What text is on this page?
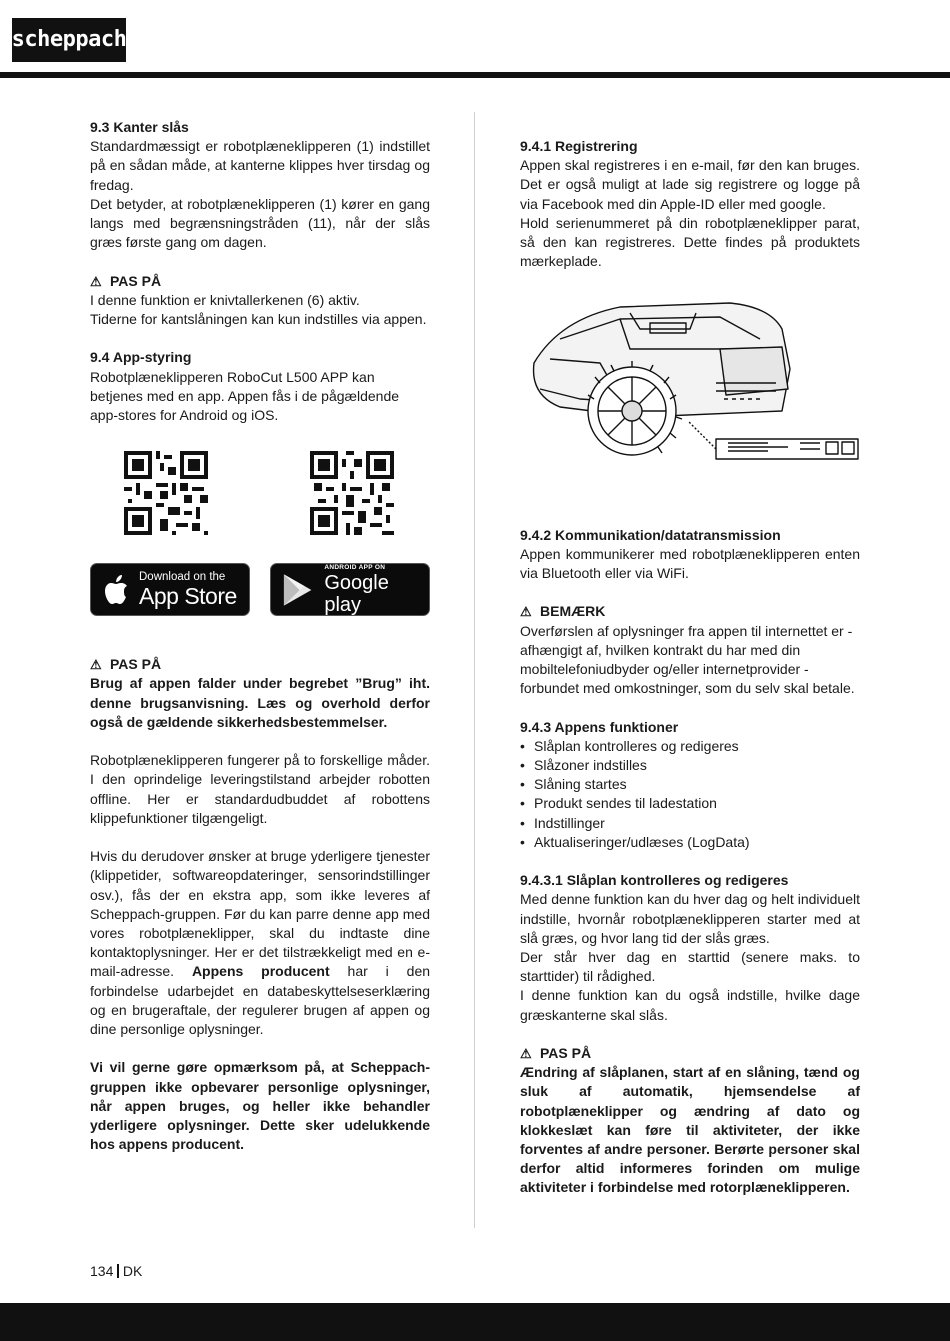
scheppach
9.3 Kanter slås

Standardmæssigt er robotplæneklipperen (1) indstillet på en sådan måde, at kanterne klippes hver tirsdag og fredag.

Det betyder, at robotplæneklipperen (1) kører en gang langs med begrænsningstråden (11), når der slås græs første gang om dagen.

⚠ PAS PÅ

I denne funktion er knivtallerkenen (6) aktiv.

Tiderne for kantslåningen kan kun indstilles via appen.

9.4 App-styring

Robotplæneklipperen RoboCut L500 APP kan betjenes med en app. Appen fås i de pågældende app-stores for Android og iOS.

Download on the
App Store
ANDROID APP ON
Google play
⚠ PAS PÅ

Brug af appen falder under begrebet ”Brug” iht. denne brugsanvisning. Læs og overhold derfor også de gældende sikkerhedsbestemmelser.

Robotplæneklipperen fungerer på to forskellige måder. I den oprindelige leveringstilstand arbejder robotten offline. Her er standardudbuddet af robottens klippefunktioner tilgængeligt.

Hvis du derudover ønsker at bruge yderligere tjenester (klippetider, softwareopdateringer, sensorindstillinger osv.), fås der en ekstra app, som ikke leveres af Scheppach-gruppen. Før du kan parre denne app med vores robotplæneklipper, skal du indtaste dine kontaktoplysninger. Her er det tilstrækkeligt med en e-mail-adresse. Appens producent har i den forbindelse udarbejdet en databeskyttelseserklæring og en brugeraftale, der regulerer brugen af appen og dine personlige oplysninger.

Vi vil gerne gøre opmærksom på, at Scheppach-gruppen ikke opbevarer personlige oplysninger, når appen bruges, og heller ikke behandler yderligere oplysninger. Dette sker udelukkende hos appens producent.

9.4.1 Registrering

Appen skal registreres i en e-mail, før den kan bruges. Det er også muligt at lade sig registrere og logge på via Facebook med din Apple-ID eller med google.

Hold serienummeret på din robotplæneklipper parat, så den kan registreres. Dette findes på produktets mærkeplade.

9.4.2 Kommunikation/datatransmission

Appen kommunikerer med robotplæneklipperen enten via Bluetooth eller via WiFi.

⚠ BEMÆRK

Overførslen af oplysninger fra appen til internettet er - afhængigt af, hvilken kontrakt du har med din mobiltelefoniudbyder og/eller internetprovider - forbundet med omkostninger, som du selv skal betale.

9.4.3 Appens funktioner
• Slåplan kontrolleres og redigeres
• Slåzoner indstilles
• Slåning startes
• Produkt sendes til ladestation
• Indstillinger
• Aktualiseringer/udlæses (LogData)
9.4.3.1 Slåplan kontrolleres og redigeres

Med denne funktion kan du hver dag og helt individuelt indstille, hvornår robotplæneklipperen starter med at slå græs, og hvor lang tid der slås græs.

Der står hver dag en starttid (senere maks. to starttider) til rådighed.

I denne funktion kan du også indstille, hvilke dage græskanterne skal slås.

⚠ PAS PÅ

Ændring af slåplanen, start af en slåning, tænd og sluk af automatik, hjemsendelse af robotplæneklipper og ændring af dato og klokkeslæt kan føre til aktiviteter, der ikke forventes af andre personer. Berørte personer skal derfor altid informeres forinden om mulige aktiviteter i forbindelse med rotorplæneklipperen.

134 DK
